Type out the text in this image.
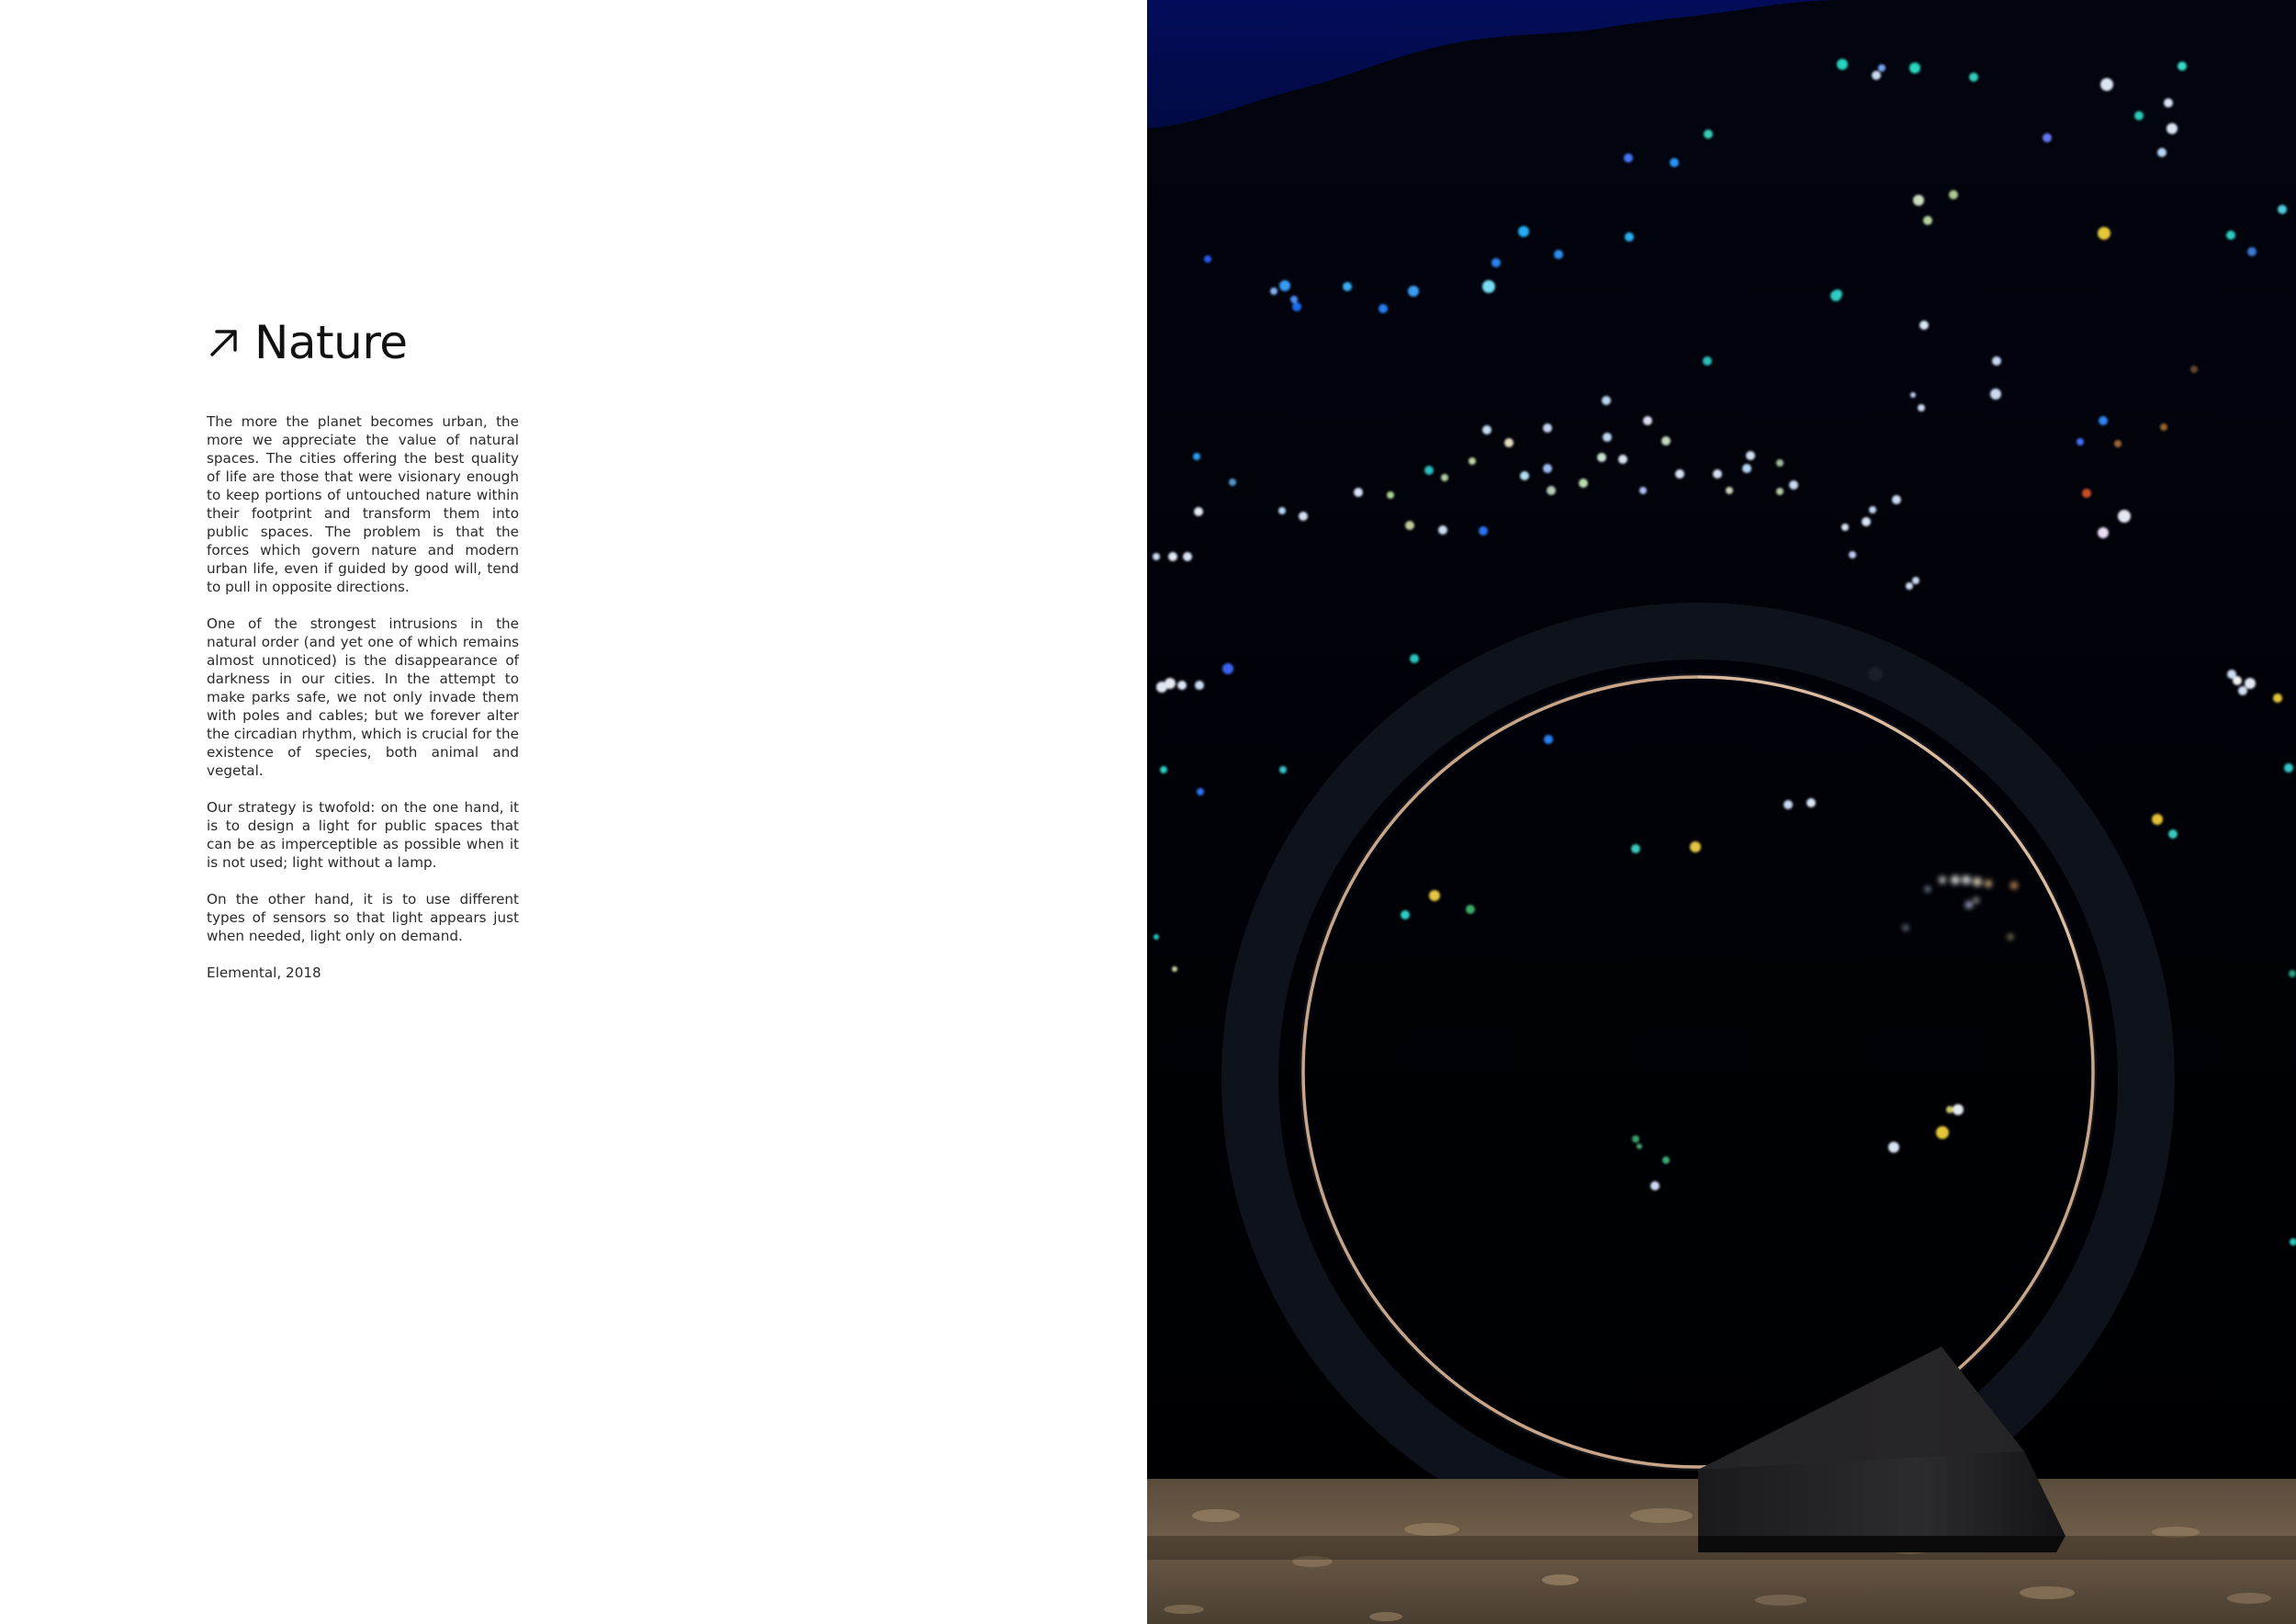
Nature

The more the planet becomes urban, the more we appreciate the value of natural spaces. The cities offering the best quality of life are those that were visionary enough to keep portions of untouched nature within their footprint and transform them into public spaces. The problem is that the forces which govern nature and modern urban life, even if guided by good will, tend to pull in opposite directions.

One of the strongest intrusions in the natural order (and yet one of which remains almost unnoticed) is the disappearance of darkness in our cities. In the attempt to make parks safe, we not only invade them with poles and cables; but we forever alter the circadian rhythm, which is crucial for the existence of species, both animal and vegetal.

Our strategy is twofold: on the one hand, it is to design a light for public spaces that can be as imperceptible as possible when it is not used; light without a lamp.

On the other hand, it is to use different types of sensors so that light appears just when needed, light only on demand.

Elemental, 2018
